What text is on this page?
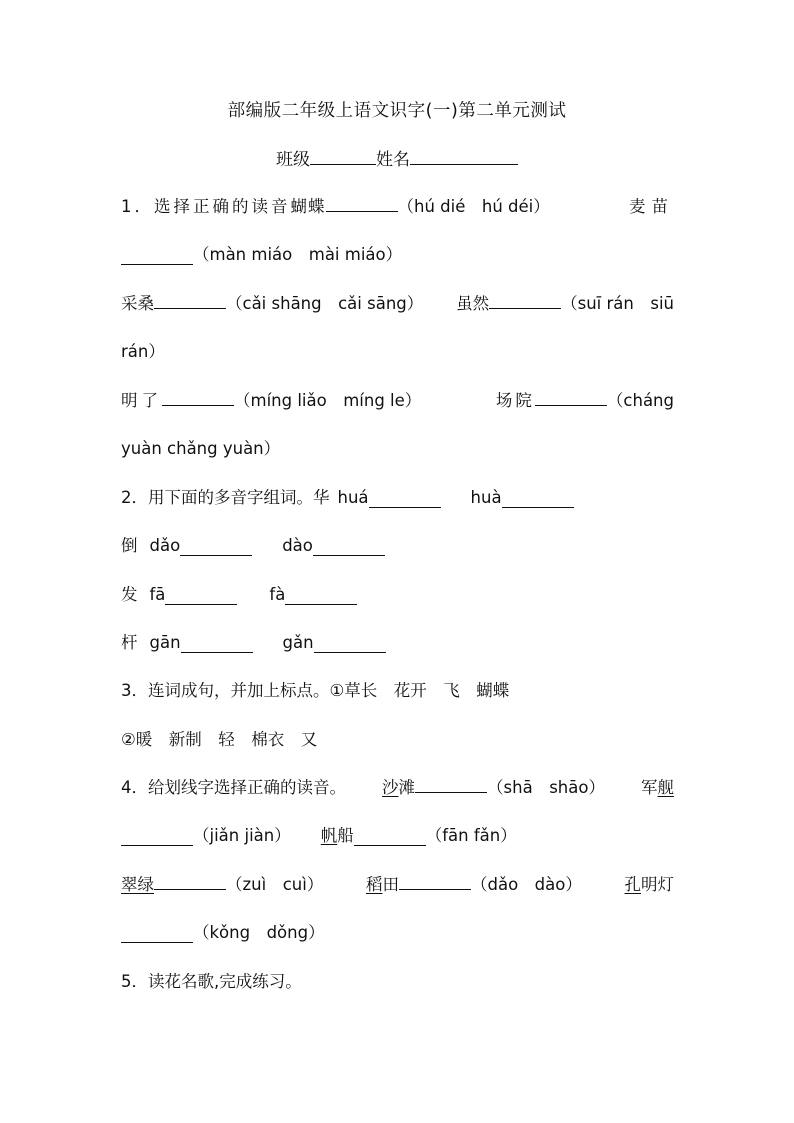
部编版二年级上语文识字(一)第二单元测试
班级	姓名
1．选择正确的读音蝴蝶	（hú dié　hú déi）	麦苗
（màn miáo　mài miáo）
采桑	（cǎi shāng　cǎi sāng） 虽然	（suī rán　siū
rán）
明了	（míng liǎo　míng le）	场院	（cháng
yuàn chǎng yuàn）
2．用下面的多音字组词。华 huá	huà
倒 dǎo	dào
发 fā	fà
杆 gān	gǎn
3．连词成句，并加上标点。①草长　花开　飞　蝴蝶
②暖　新制　轻　棉衣　又
4．给划线字选择正确的读音。 沙滩	（shā　shāo） 军舰
（jiǎn jiàn） 帆 船	（fān fǎn）
翠绿	（zuì　cuì）	稻田	（dǎo　dào）	孔明灯
（kǒng　dǒng）
5．读花名歌,完成练习。
